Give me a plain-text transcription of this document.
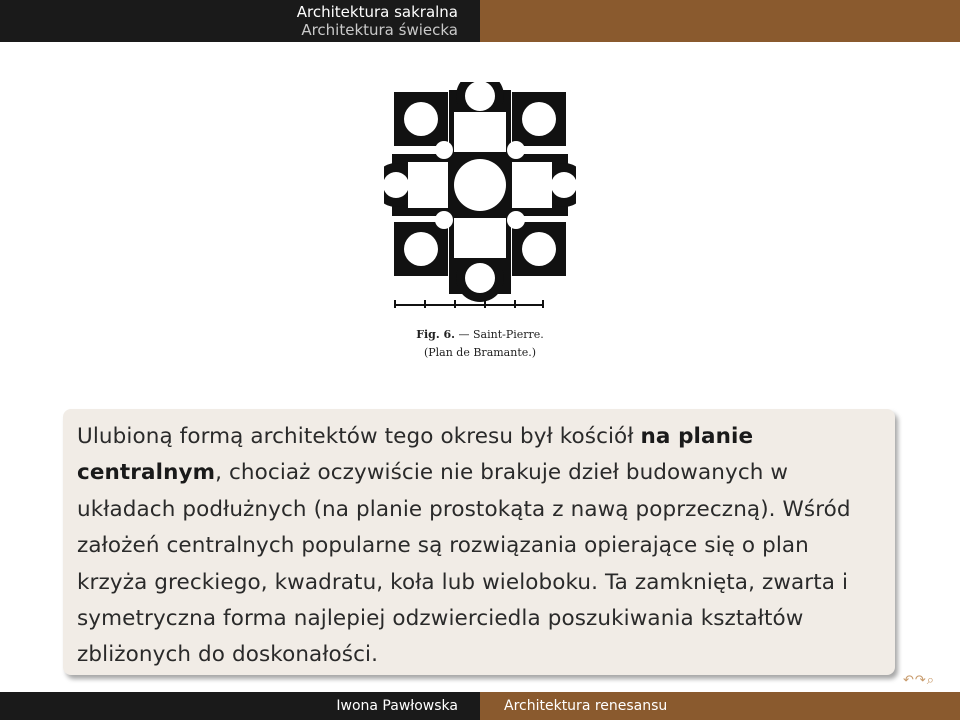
Architektura sakralna
Architektura świecka
Fig. 6. — Saint-Pierre.
(Plan de Bramante.)
Ulubioną formą architektów tego okresu był kościół na planie centralnym, chociaż oczywiście nie brakuje dzieł budowanych w układach podłużnych (na planie prostokąta z nawą poprzeczną). Wśród założeń centralnych popularne są rozwiązania opierające się o plan krzyża greckiego, kwadratu, koła lub wieloboku. Ta zamknięta, zwarta i symetryczna forma najlepiej odzwierciedla poszukiwania kształtów zbliżonych do doskonałości.
↶↷⌕
Iwona Pawłowska	Architektura renesansu
